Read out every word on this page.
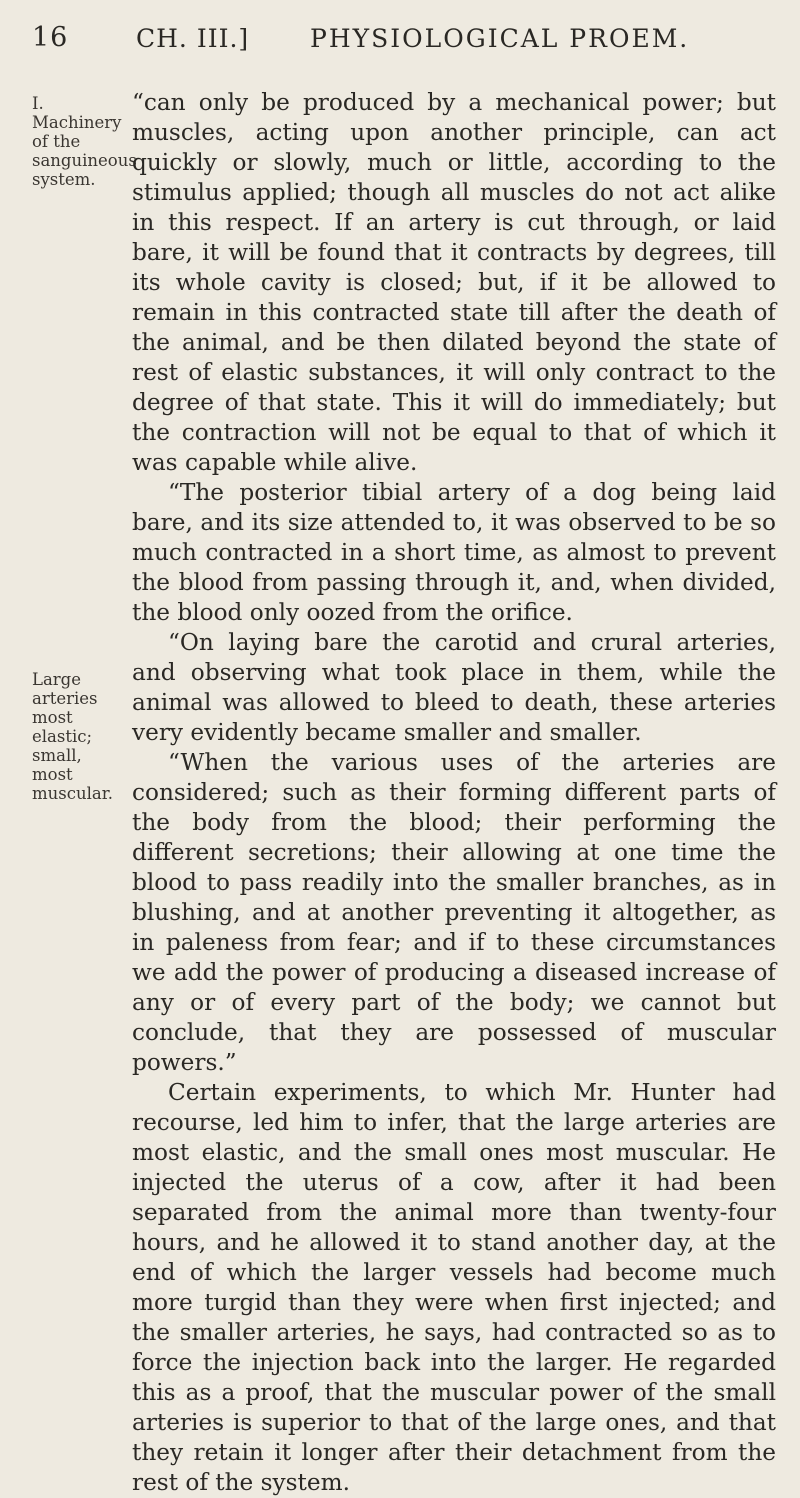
16	CH. III.] PHYSIOLOGICAL PROEM.
I. Machinery of the sanguineous system.
Large arteries most elastic; small, most muscular.

“can only be produced by a mechanical power; but muscles, acting upon another principle, can act quickly or slowly, much or little, according to the stimulus applied; though all muscles do not act alike in this respect. If an artery is cut through, or laid bare, it will be found that it contracts by degrees, till its whole cavity is closed; but, if it be allowed to remain in this contracted state till after the death of the animal, and be then dilated beyond the state of rest of elastic substances, it will only contract to the degree of that state. This it will do immediately; but the contraction will not be equal to that of which it was capable while alive.

“The posterior tibial artery of a dog being laid bare, and its size attended to, it was observed to be so much contracted in a short time, as almost to prevent the blood from passing through it, and, when divided, the blood only oozed from the orifice.

“On laying bare the carotid and crural arteries, and observing what took place in them, while the animal was allowed to bleed to death, these arteries very evidently became smaller and smaller.

“When the various uses of the arteries are considered; such as their forming different parts of the body from the blood; their performing the different secretions; their allowing at one time the blood to pass readily into the smaller branches, as in blushing, and at another preventing it altogether, as in paleness from fear; and if to these circumstances we add the power of producing a diseased increase of any or of every part of the body; we cannot but conclude, that they are possessed of muscular powers.”

Certain experiments, to which Mr. Hunter had recourse, led him to infer, that the large arteries are most elastic, and the small ones most muscular. He injected the uterus of a cow, after it had been separated from the animal more than twenty-four hours, and he allowed it to stand another day, at the end of which the larger vessels had become much more turgid than they were when first injected; and the smaller arteries, he says, had contracted so as to force the injection back into the larger. He regarded this as a proof, that the muscular power of the small arteries is superior to that of the large ones, and that they retain it longer after their detachment from the rest of the system.
